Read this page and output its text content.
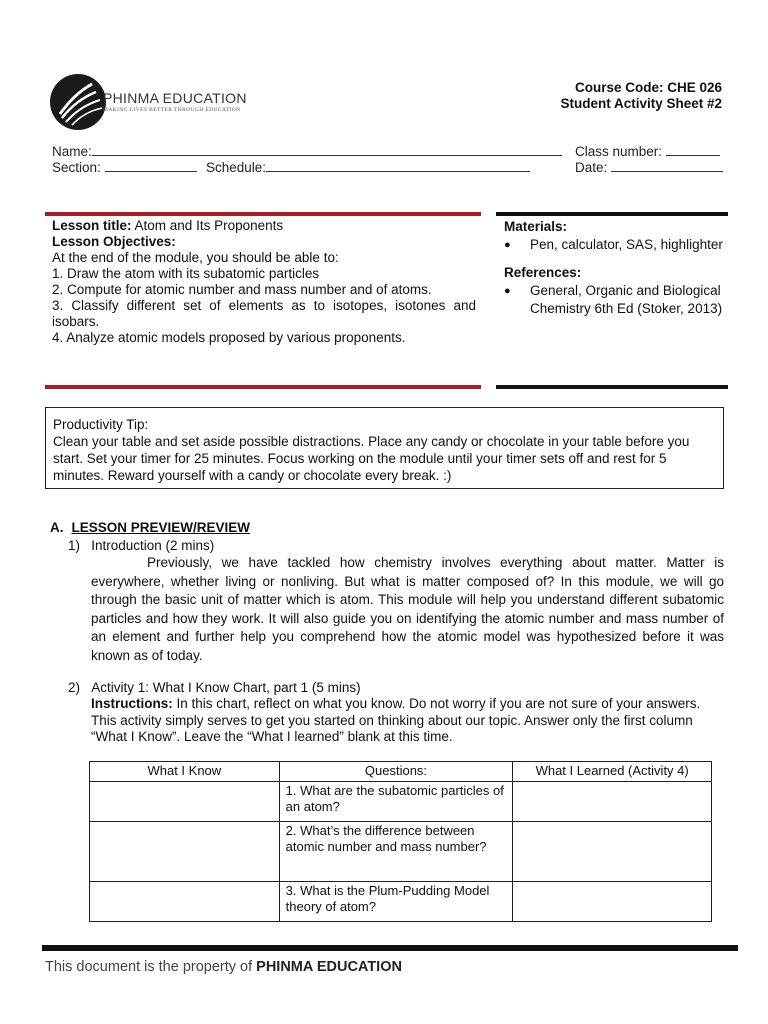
PHINMA EDUCATION
MAKING LIVES BETTER THROUGH EDUCATION
Course Code: CHE 026
Student Activity Sheet #2
Name:	Class number:
Section:	Schedule:	Date:
Lesson title: Atom and Its Proponents
Lesson Objectives:
At the end of the module, you should be able to:
1. Draw the atom with its subatomic particles
2. Compute for atomic number and mass number and of atoms.
3. Classify different set of elements as to isotopes, isotones and
isobars.
4. Analyze atomic models proposed by various proponents.
Materials:
●	Pen, calculator, SAS, highlighter
References:
●	General, Organic and Biological Chemistry 6th Ed (Stoker, 2013)
Productivity Tip:
Clean your table and set aside possible distractions. Place any candy or chocolate in your table before you start. Set your timer for 25 minutes. Focus working on the module until your timer sets off and rest for 5 minutes. Reward yourself with a candy or chocolate every break. :)
A. LESSON PREVIEW/REVIEW
1)   Introduction (2 mins)
Previously, we have tackled how chemistry involves everything about matter. Matter is everywhere, whether living or nonliving. But what is matter composed of? In this module, we will go through the basic unit of matter which is atom. This module will help you understand different subatomic particles and how they work. It will also guide you on identifying the atomic number and mass number of an element and further help you comprehend how the atomic model was hypothesized before it was known as of today.
2)   Activity 1: What I Know Chart, part 1 (5 mins)
Instructions: In this chart, reflect on what you know. Do not worry if you are not sure of your answers. This activity simply serves to get you started on thinking about our topic. Answer only the first column “What I Know”. Leave the “What I learned” blank at this time.
What I Know	Questions:	What I Learned (Activity 4)
	1. What are the subatomic particles of an atom?	
	2. What’s the difference between atomic number and mass number?	
	3. What is the Plum-Pudding Model theory of atom?	
This document is the property of PHINMA EDUCATION
